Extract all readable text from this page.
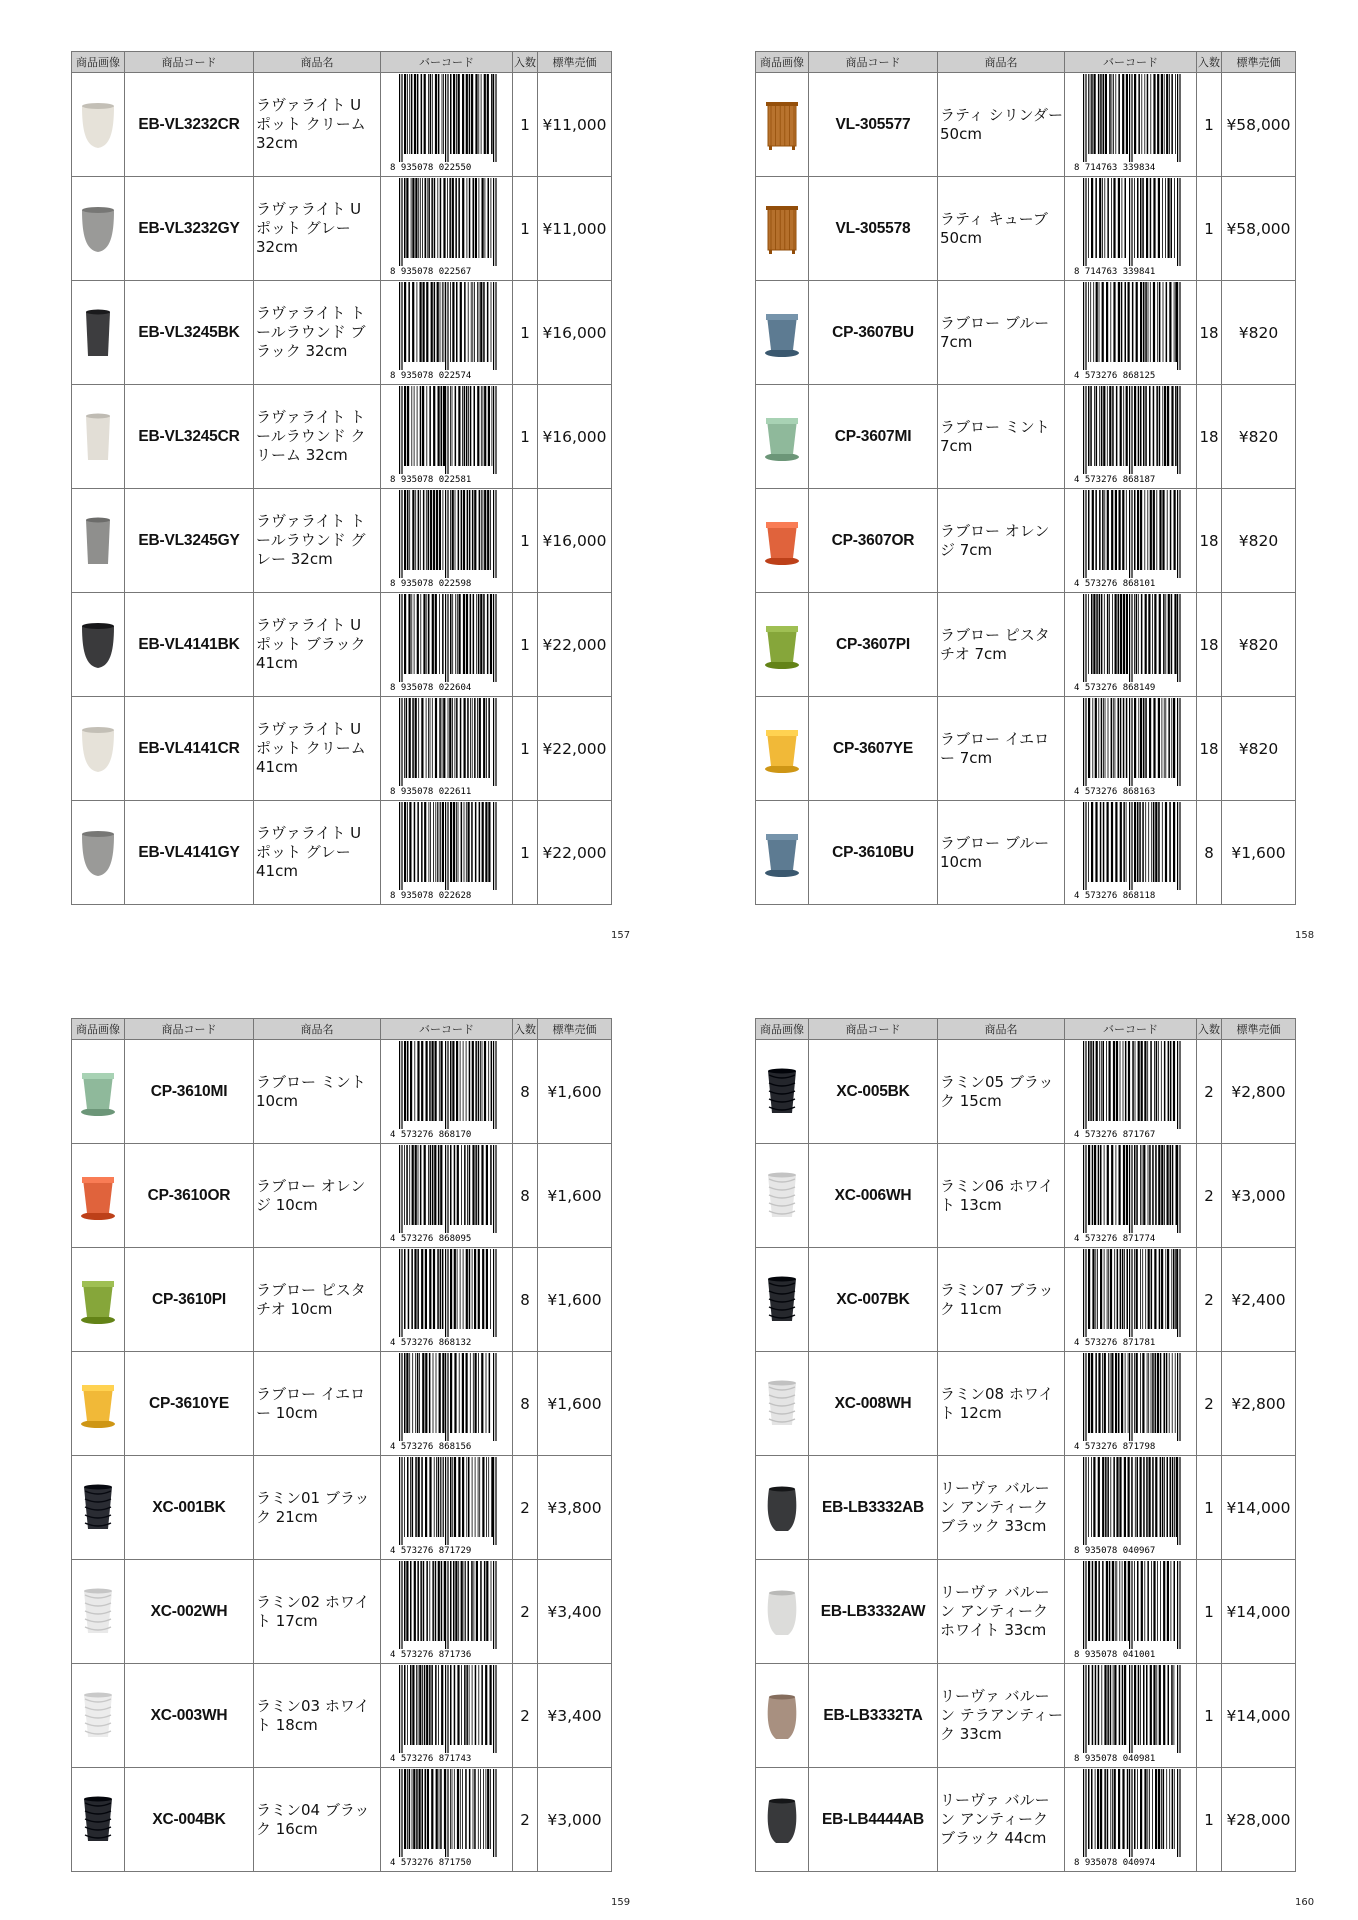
商品画像	商品コード	商品名	バーコード	入数	標準売価
	EB-VL3232CR	ラヴァライト U ポット クリーム 32cm	8 935078 022550	1	¥11,000
	EB-VL3232GY	ラヴァライト U ポット グレー 32cm	8 935078 022567	1	¥11,000
	EB-VL3245BK	ラヴァライト トールラウンド ブラック 32cm	8 935078 022574	1	¥16,000
	EB-VL3245CR	ラヴァライト トールラウンド クリーム 32cm	8 935078 022581	1	¥16,000
	EB-VL3245GY	ラヴァライト トールラウンド グレー 32cm	8 935078 022598	1	¥16,000
	EB-VL4141BK	ラヴァライト U ポット ブラック 41cm	8 935078 022604	1	¥22,000
	EB-VL4141CR	ラヴァライト U ポット クリーム 41cm	8 935078 022611	1	¥22,000
	EB-VL4141GY	ラヴァライト U ポット グレー 41cm	8 935078 022628	1	¥22,000
157
商品画像	商品コード	商品名	バーコード	入数	標準売価
	VL-305577	ラティ シリンダー 50cm	8 714763 339834	1	¥58,000
	VL-305578	ラティ キューブ 50cm	8 714763 339841	1	¥58,000
	CP-3607BU	ラブロー ブルー 7cm	4 573276 868125	18	¥820
	CP-3607MI	ラブロー ミント 7cm	4 573276 868187	18	¥820
	CP-3607OR	ラブロー オレンジ 7cm	4 573276 868101	18	¥820
	CP-3607PI	ラブロー ピスタチオ 7cm	4 573276 868149	18	¥820
	CP-3607YE	ラブロー イエロー 7cm	4 573276 868163	18	¥820
	CP-3610BU	ラブロー ブルー 10cm	4 573276 868118	8	¥1,600
158
商品画像	商品コード	商品名	バーコード	入数	標準売価
	CP-3610MI	ラブロー ミント 10cm	4 573276 868170	8	¥1,600
	CP-3610OR	ラブロー オレンジ 10cm	4 573276 868095	8	¥1,600
	CP-3610PI	ラブロー ピスタチオ 10cm	4 573276 868132	8	¥1,600
	CP-3610YE	ラブロー イエロー 10cm	4 573276 868156	8	¥1,600
	XC-001BK	ラミン01 ブラック 21cm	4 573276 871729	2	¥3,800
	XC-002WH	ラミン02 ホワイト 17cm	4 573276 871736	2	¥3,400
	XC-003WH	ラミン03 ホワイト 18cm	4 573276 871743	2	¥3,400
	XC-004BK	ラミン04 ブラック 16cm	4 573276 871750	2	¥3,000
159
商品画像	商品コード	商品名	バーコード	入数	標準売価
	XC-005BK	ラミン05 ブラック 15cm	4 573276 871767	2	¥2,800
	XC-006WH	ラミン06 ホワイト 13cm	4 573276 871774	2	¥3,000
	XC-007BK	ラミン07 ブラック 11cm	4 573276 871781	2	¥2,400
	XC-008WH	ラミン08 ホワイト 12cm	4 573276 871798	2	¥2,800
	EB-LB3332AB	リーヴァ バルーン アンティーク ブラック 33cm	8 935078 040967	1	¥14,000
	EB-LB3332AW	リーヴァ バルーン アンティーク ホワイト 33cm	8 935078 041001	1	¥14,000
	EB-LB3332TA	リーヴァ バルーン テラアンティーク 33cm	8 935078 040981	1	¥14,000
	EB-LB4444AB	リーヴァ バルーン アンティーク ブラック 44cm	8 935078 040974	1	¥28,000
160
